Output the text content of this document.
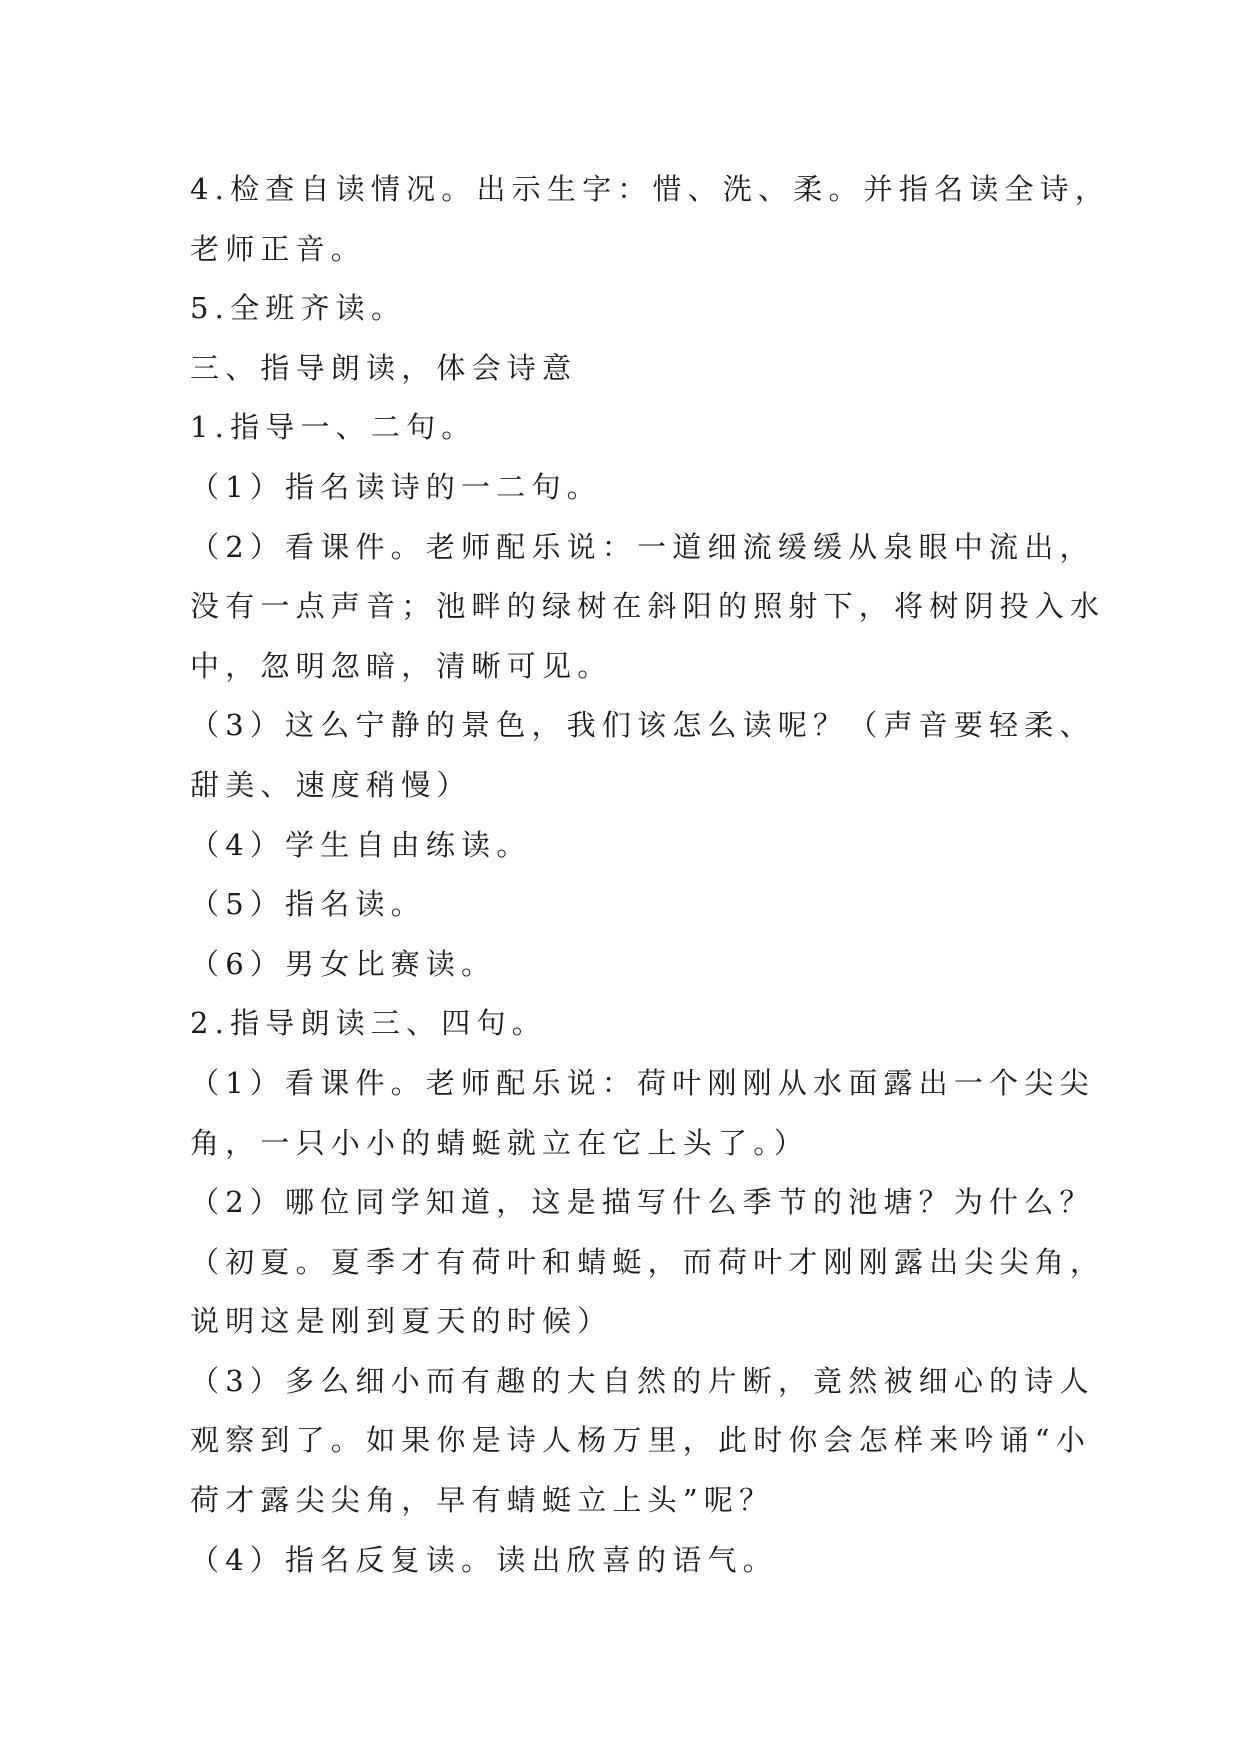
4.检查自读情况。出示生字：惜、洗、柔。并指名读全诗，
老师正音。
5.全班齐读。
三、指导朗读，体会诗意
1.指导一、二句。
（1）指名读诗的一二句。
（2）看课件。老师配乐说：一道细流缓缓从泉眼中流出，
没有一点声音；池畔的绿树在斜阳的照射下，将树阴投入水
中，忽明忽暗，清晰可见。
（3）这么宁静的景色，我们该怎么读呢？（声音要轻柔、
甜美、速度稍慢）
（4）学生自由练读。
（5）指名读。
（6）男女比赛读。
2.指导朗读三、四句。
（1）看课件。老师配乐说：荷叶刚刚从水面露出一个尖尖
角，一只小小的蜻蜓就立在它上头了。）
（2）哪位同学知道，这是描写什么季节的池塘？为什么？
（初夏。夏季才有荷叶和蜻蜓，而荷叶才刚刚露出尖尖角，
说明这是刚到夏天的时候）
（3）多么细小而有趣的大自然的片断，竟然被细心的诗人
观察到了。如果你是诗人杨万里，此时你会怎样来吟诵“小
荷才露尖尖角，早有蜻蜓立上头”呢？
（4）指名反复读。读出欣喜的语气。
